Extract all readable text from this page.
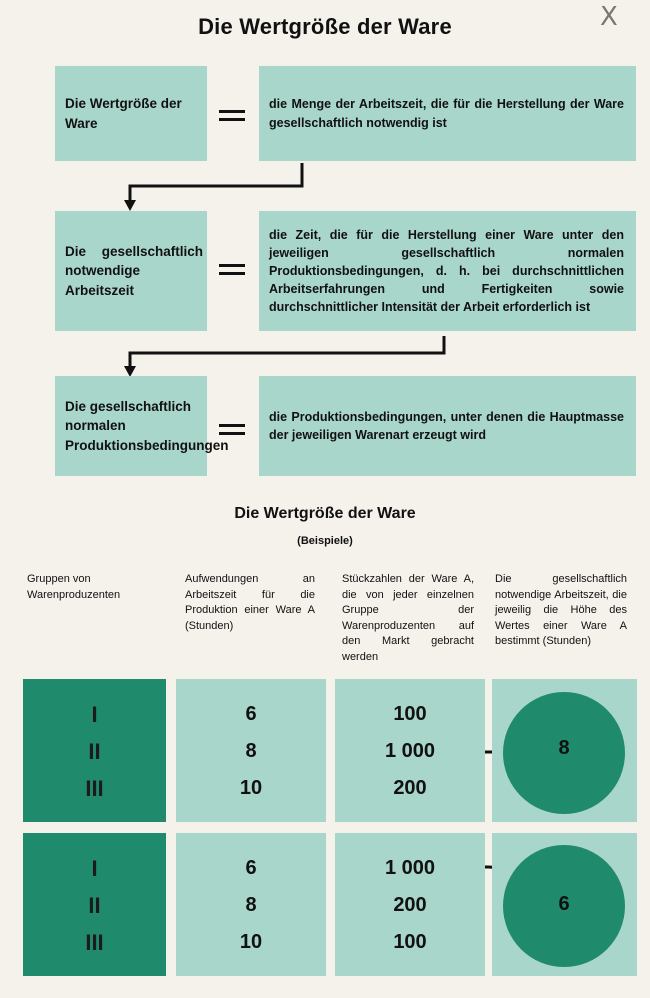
X
Die Wertgröße der Ware
Die Wertgröße der Ware
die Menge der Arbeitszeit, die für die Herstellung der Ware gesellschaftlich notwendig ist
Die gesellschaftlich notwendige Arbeitszeit
die Zeit, die für die Herstellung einer Ware unter den jeweiligen gesellschaftlich normalen Produktionsbedingungen, d. h. bei durchschnittlichen Arbeitserfahrungen und Fertigkeiten sowie durchschnittlicher Intensität der Arbeit erforderlich ist
Die gesellschaftlich normalen Produktionsbedingungen
die Produktionsbedingungen, unter denen die Hauptmasse der jeweiligen Warenart erzeugt wird
Die Wertgröße der Ware
(Beispiele)
Gruppen von Warenproduzenten
Aufwendungen an Arbeitszeit für die Produktion einer Ware A (Stunden)
Stückzahlen der Ware A, die von jeder einzelnen Gruppe der Warenproduzenten auf den Markt gebracht werden
Die gesellschaftlich notwendige Arbeitszeit, die jeweilig die Höhe des Wertes einer Ware A bestimmt (Stunden)
I
II
III
6
8
10
100
1 000
200
8
I
II
III
6
8
10
1 000
200
100
6
